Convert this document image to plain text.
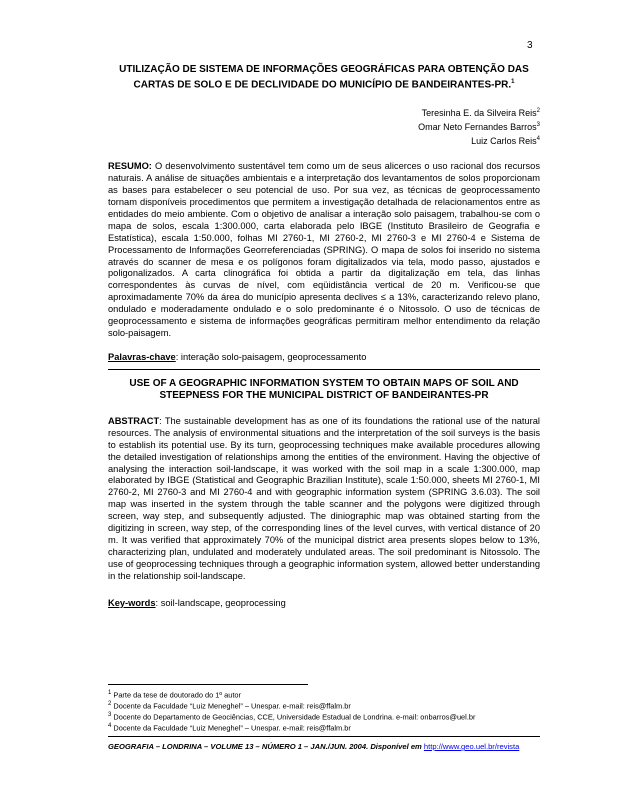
3
UTILIZAÇÃO DE SISTEMA DE INFORMAÇÕES GEOGRÁFICAS PARA OBTENÇÃO DAS CARTAS DE SOLO E DE DECLIVIDADE DO MUNICÍPIO DE BANDEIRANTES-PR.$^1$
Teresinha E. da Silveira Reis$^2$
Omar Neto Fernandes Barros$^3$
Luiz Carlos Reis$^4$

RESUMO: O desenvolvimento sustentável tem como um de seus alicerces o uso racional dos recursos naturais. A análise de situações ambientais e a interpretação dos levantamentos de solos proporcionam as bases para estabelecer o seu potencial de uso. Por sua vez, as técnicas de geoprocessamento tornam disponíveis procedimentos que permitem a investigação detalhada de relacionamentos entre as entidades do meio ambiente. Com o objetivo de analisar a interação solo paisagem, trabalhou-se com o mapa de solos, escala 1:300.000, carta elaborada pelo IBGE (Instituto Brasileiro de Geografia e Estatística), escala 1:50.000, folhas MI 2760-1, MI 2760-2, MI 2760-3 e MI 2760-4 e Sistema de Processamento de Informações Georreferenciadas (SPRING). O mapa de solos foi inserido no sistema através do scanner de mesa e os polígonos foram digitalizados via tela, modo passo, ajustados e poligonalizados. A carta clinográfica foi obtida a partir da digitalização em tela, das linhas correspondentes às curvas de nível, com eqüidistância vertical de 20 m. Verificou-se que aproximadamente 70% da área do município apresenta declives ≤ a 13%, caracterizando relevo plano, ondulado e moderadamente ondulado e o solo predominante é o Nitossolo. O uso de técnicas de geoprocessamento e sistema de informações geográficas permitiram melhor entendimento da relação solo-paisagem.

Palavras-chave: interação solo-paisagem, geoprocessamento
USE OF A GEOGRAPHIC INFORMATION SYSTEM TO OBTAIN MAPS OF SOIL AND STEEPNESS FOR THE MUNICIPAL DISTRICT OF BANDEIRANTES-PR

ABSTRACT: The sustainable development has as one of its foundations the rational use of the natural resources. The analysis of environmental situations and the interpretation of the soil surveys is the basis to establish its potential use. By its turn, geoprocessing techniques make available procedures allowing the detailed investigation of relationships among the entities of the environment. Having the objective of analysing the interaction soil-landscape, it was worked with the soil map in a scale 1:300.000, map elaborated by IBGE (Statistical and Geographic Brazilian Institute), scale 1:50.000, sheets MI 2760-1, MI 2760-2, MI 2760-3 and MI 2760-4 and with geographic information system (SPRING 3.6.03). The soil map was inserted in the system through the table scanner and the polygons were digitized through screen, way step, and subsequently adjusted. The diniographic map was obtained starting from the digitizing in screen, way step, of the corresponding lines of the level curves, with vertical distance of 20 m. It was verified that approximately 70% of the municipal district area presents slopes below to 13%, characterizing plan, undulated and moderately undulated areas. The soil predominant is Nitossolo. The use of geoprocessing techniques through a geographic information system, allowed better understanding in the relationship soil-landscape.

Key-words: soil-landscape, geoprocessing
$^1$ Parte da tese de doutorado do 1º autor
$^2$ Docente da Faculdade “Luiz Meneghel” – Unespar. e-mail: reis@ffalm.br
$^3$ Docente do Departamento de Geociências, CCE, Universidade Estadual de Londrina. e-mail: onbarros@uel.br
$^4$ Docente da Faculdade “Luiz Meneghel” – Unespar. e-mail: reis@ffalm.br
GEOGRAFIA – LONDRINA – VOLUME 13 – NÚMERO 1 – JAN./JUN. 2004. Disponível em http://www.geo.uel.br/revista
